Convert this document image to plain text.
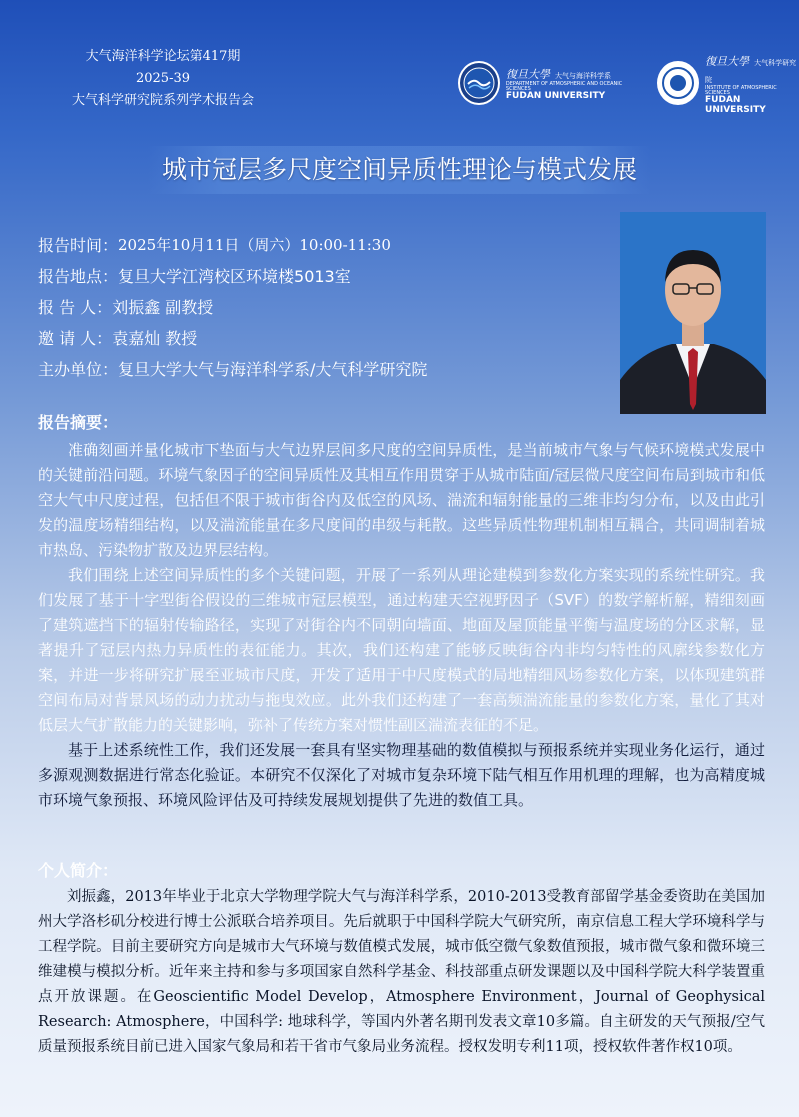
大气海洋科学论坛第417期
2025-39
大气科学研究院系列学术报告会
復旦大學 大气与海洋科学系
DEPARTMENT OF ATMOSPHERIC AND OCEANIC SCIENCES
FUDAN UNIVERSITY
復旦大學 大气科学研究院
INSTITUTE OF ATMOSPHERIC SCIENCES
FUDAN UNIVERSITY
城市冠层多尺度空间异质性理论与模式发展
报告时间： 2025年10月11日（周六）10:00-11:30
报告地点： 复旦大学江湾校区环境楼5013室
报 告 人： 刘振鑫 副教授
邀 请 人： 袁嘉灿 教授
主办单位： 复旦大学大气与海洋科学系/大气科学研究院
报告摘要：

准确刻画并量化城市下垫面与大气边界层间多尺度的空间异质性，是当前城市气象与气候环境模式发展中的关键前沿问题。环境气象因子的空间异质性及其相互作用贯穿于从城市陆面/冠层微尺度空间布局到城市和低空大气中尺度过程，包括但不限于城市街谷内及低空的风场、湍流和辐射能量的三维非均匀分布，以及由此引发的温度场精细结构，以及湍流能量在多尺度间的串级与耗散。这些异质性物理机制相互耦合，共同调制着城市热岛、污染物扩散及边界层结构。

我们围绕上述空间异质性的多个关键问题，开展了一系列从理论建模到参数化方案实现的系统性研究。我们发展了基于十字型街谷假设的三维城市冠层模型，通过构建天空视野因子（SVF）的数学解析解，精细刻画了建筑遮挡下的辐射传输路径，实现了对街谷内不同朝向墙面、地面及屋顶能量平衡与温度场的分区求解，显著提升了冠层内热力异质性的表征能力。其次，我们还构建了能够反映街谷内非均匀特性的风廓线参数化方案，并进一步将研究扩展至亚城市尺度，开发了适用于中尺度模式的局地精细风场参数化方案，以体现建筑群空间布局对背景风场的动力扰动与拖曳效应。此外我们还构建了一套高频湍流能量的参数化方案，量化了其对低层大气扩散能力的关键影响，弥补了传统方案对惯性副区湍流表征的不足。

基于上述系统性工作，我们还发展一套具有坚实物理基础的数值模拟与预报系统并实现业务化运行，通过多源观测数据进行常态化验证。本研究不仅深化了对城市复杂环境下陆气相互作用机理的理解，也为高精度城市环境气象预报、环境风险评估及可持续发展规划提供了先进的数值工具。

个人简介：

刘振鑫，2013年毕业于北京大学物理学院大气与海洋科学系，2010-2013受教育部留学基金委资助在美国加州大学洛杉矶分校进行博士公派联合培养项目。先后就职于中国科学院大气研究所，南京信息工程大学环境科学与工程学院。目前主要研究方向是城市大气环境与数值模式发展，城市低空微气象数值预报，城市微气象和微环境三维建模与模拟分析。近年来主持和参与多项国家自然科学基金、科技部重点研发课题以及中国科学院大科学装置重点开放课题。在Geoscientific Model Develop，Atmosphere Environment，Journal of Geophysical Research: Atmosphere，中国科学: 地球科学，等国内外著名期刊发表文章10多篇。自主研发的天气预报/空气质量预报系统目前已进入国家气象局和若干省市气象局业务流程。授权发明专利11项，授权软件著作权10项。
